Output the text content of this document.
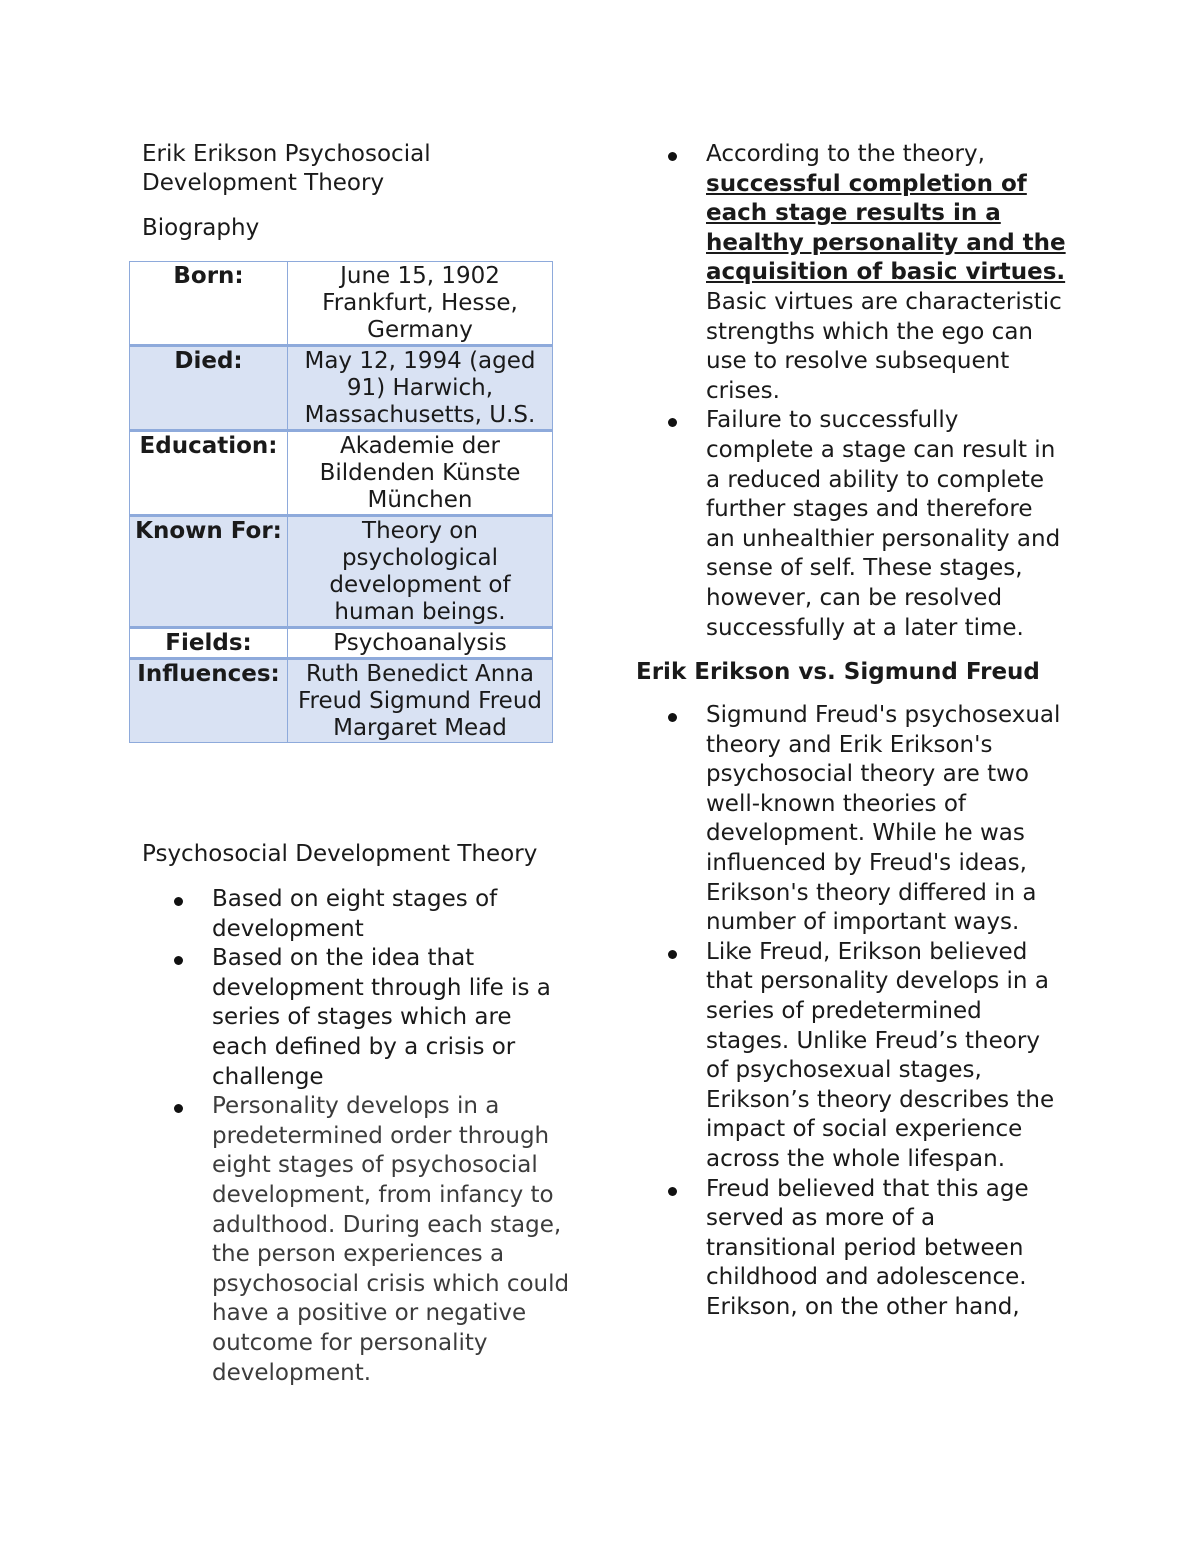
Erik Erikson Psychosocial Development Theory
Biography
Born:	June 15, 1902 Frankfurt, Hesse, Germany
Died:	May 12, 1994 (aged 91) Harwich, Massachusetts, U.S.
Education:	Akademie der Bildenden Künste München
Known For:	Theory on psychological development of human beings.
Fields:	Psychoanalysis
Influences:	Ruth Benedict Anna Freud Sigmund Freud Margaret Mead
Psychosocial Development Theory
Based on eight stages of development
Based on the idea that development through life is a series of stages which are each defined by a crisis or challenge
Personality develops in a predetermined order through eight stages of psychosocial development, from infancy to adulthood. During each stage, the person experiences a psychosocial crisis which could have a positive or negative outcome for personality development.
According to the theory, successful completion of each stage results in a healthy personality and the acquisition of basic virtues. Basic virtues are characteristic strengths which the ego can use to resolve subsequent crises.
Failure to successfully complete a stage can result in a reduced ability to complete further stages and therefore an unhealthier personality and sense of self. These stages, however, can be resolved successfully at a later time.
Erik Erikson vs. Sigmund Freud
Sigmund Freud's psychosexual theory and Erik Erikson's psychosocial theory are two well-known theories of development. While he was influenced by Freud's ideas, Erikson's theory differed in a number of important ways.
Like Freud, Erikson believed that personality develops in a series of predetermined stages. Unlike Freud’s theory of psychosexual stages, Erikson’s theory describes the impact of social experience across the whole lifespan.
Freud believed that this age served as more of a transitional period between childhood and adolescence. Erikson, on the other hand,
